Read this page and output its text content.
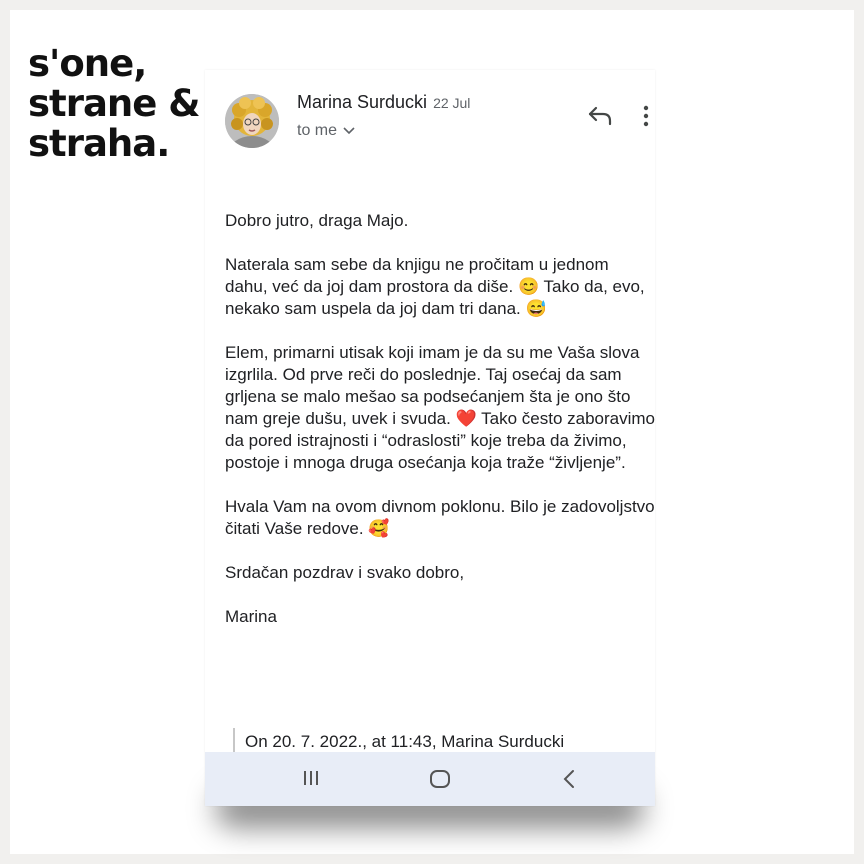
s'one,
strane &
straha.
Marina Surducki 22 Jul
to me

Dobro jutro, draga Majo.

Naterala sam sebe da knjigu ne pročitam u jednom dahu, već da joj dam prostora da diše. 😊 Tako da, evo, nekako sam uspela da joj dam tri dana. 😅

Elem, primarni utisak koji imam je da su me Vaša slova izgrlila. Od prve reči do poslednje. Taj osećaj da sam grljena se malo mešao sa podsećanjem šta je ono što nam greje dušu, uvek i svuda. ❤️ Tako često zaboravimo da pored istrajnosti i “odraslosti” koje treba da živimo, postoje i mnoga druga osećanja koja traže “življenje”.

Hvala Vam na ovom divnom poklonu. Bilo je zadovoljstvo čitati Vaše redove. 🥰

Srdačan pozdrav i svako dobro,

Marina

On 20. 7. 2022., at 11:43, Marina Surducki
